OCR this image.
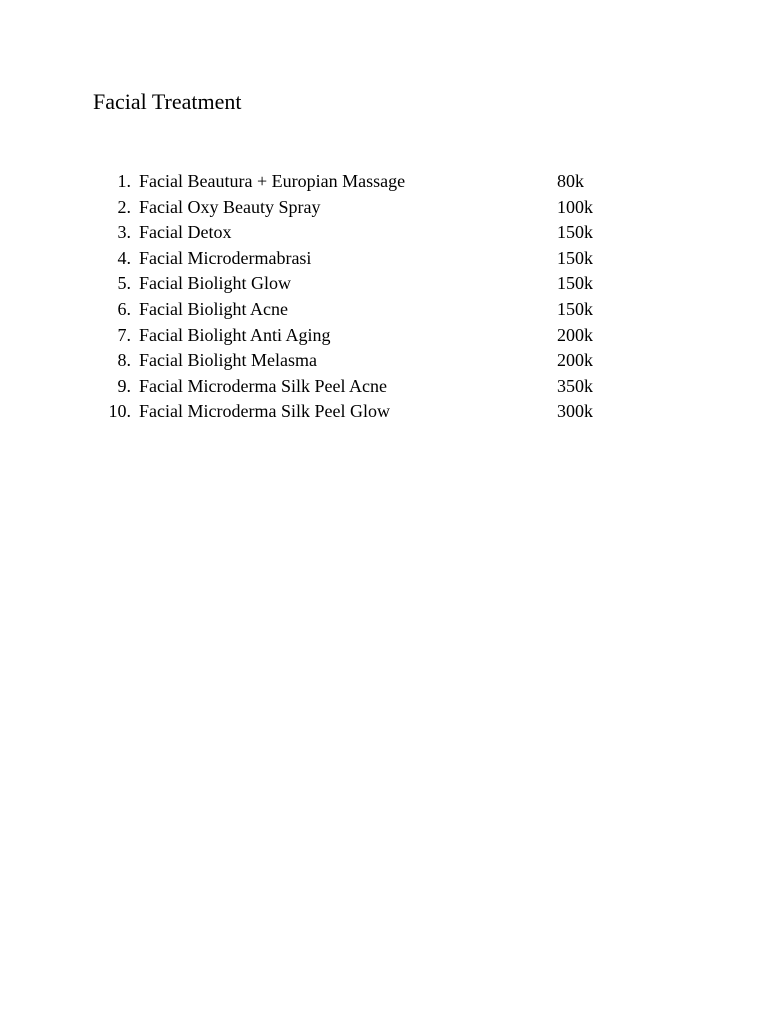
Facial Treatment
1. Facial Beautura + Europian Massage	80k
2. Facial Oxy Beauty Spray	100k
3. Facial Detox	150k
4. Facial Microdermabrasi	150k
5. Facial Biolight Glow	150k
6. Facial Biolight Acne	150k
7. Facial Biolight Anti Aging	200k
8. Facial Biolight Melasma	200k
9. Facial Microderma Silk Peel Acne	350k
10. Facial Microderma Silk Peel Glow	300k
